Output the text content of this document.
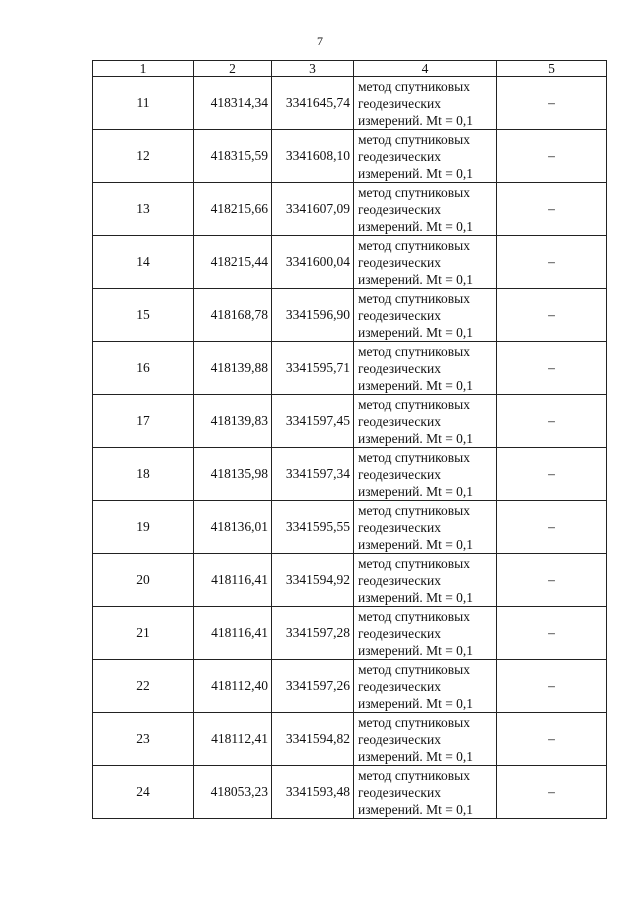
7
1	2	3	4	5
11	418314,34	3341645,74	метод спутниковых
геодезических
измерений. Mt = 0,1	–
12	418315,59	3341608,10	метод спутниковых
геодезических
измерений. Mt = 0,1	–
13	418215,66	3341607,09	метод спутниковых
геодезических
измерений. Mt = 0,1	–
14	418215,44	3341600,04	метод спутниковых
геодезических
измерений. Mt = 0,1	–
15	418168,78	3341596,90	метод спутниковых
геодезических
измерений. Mt = 0,1	–
16	418139,88	3341595,71	метод спутниковых
геодезических
измерений. Mt = 0,1	–
17	418139,83	3341597,45	метод спутниковых
геодезических
измерений. Mt = 0,1	–
18	418135,98	3341597,34	метод спутниковых
геодезических
измерений. Mt = 0,1	–
19	418136,01	3341595,55	метод спутниковых
геодезических
измерений. Mt = 0,1	–
20	418116,41	3341594,92	метод спутниковых
геодезических
измерений. Mt = 0,1	–
21	418116,41	3341597,28	метод спутниковых
геодезических
измерений. Mt = 0,1	–
22	418112,40	3341597,26	метод спутниковых
геодезических
измерений. Mt = 0,1	–
23	418112,41	3341594,82	метод спутниковых
геодезических
измерений. Mt = 0,1	–
24	418053,23	3341593,48	метод спутниковых
геодезических
измерений. Mt = 0,1	–
